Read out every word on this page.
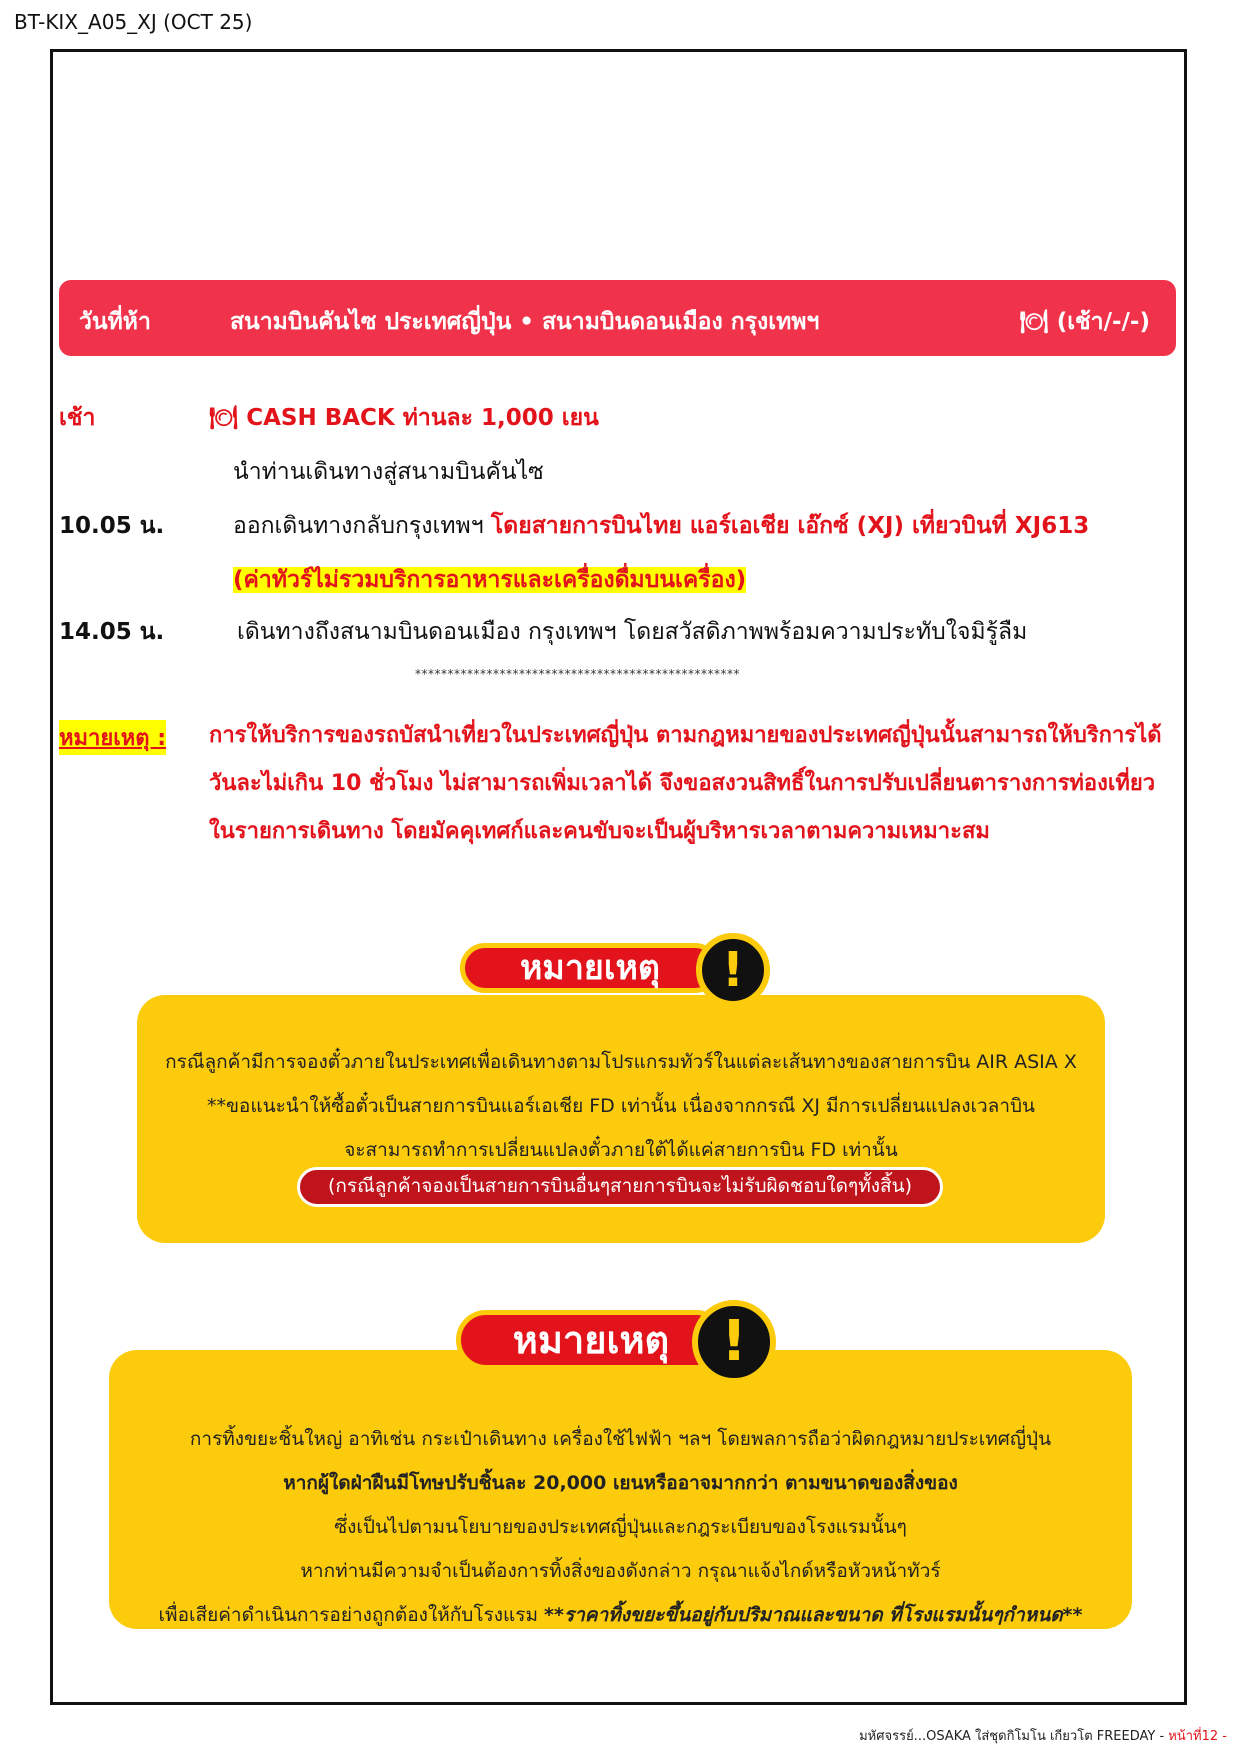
BT-KIX_A05_XJ (OCT 25)
วันที่ห้า	สนามบินคันไซ ประเทศญี่ปุ่น • สนามบินดอนเมือง กรุงเทพฯ	🍽 (เช้า/-/-)
เช้า	🍽 CASH BACK ท่านละ 1,000 เยน
นำท่านเดินทางสู่สนามบินคันไซ
10.05 น.	ออกเดินทางกลับกรุงเทพฯ โดยสายการบินไทย แอร์เอเชีย เอ๊กซ์ (XJ) เที่ยวบินที่ XJ613
(ค่าทัวร์ไม่รวมบริการอาหารและเครื่องดื่มบนเครื่อง)
14.05 น.	เดินทางถึงสนามบินดอนเมือง กรุงเทพฯ โดยสวัสดิภาพพร้อมความประทับใจมิรู้ลืม
**************************************************
หมายเหตุ : การให้บริการของรถบัสนำเที่ยวในประเทศญี่ปุ่น ตามกฎหมายของประเทศญี่ปุ่นนั้นสามารถให้บริการได้วันละไม่เกิน 10 ชั่วโมง ไม่สามารถเพิ่มเวลาได้ จึงขอสงวนสิทธิ์ในการปรับเปลี่ยนตารางการท่องเที่ยวในรายการเดินทาง โดยมัคคุเทศก์และคนขับจะเป็นผู้บริหารเวลาตามความเหมาะสม
กรณีลูกค้ามีการจองตั๋วภายในประเทศเพื่อเดินทางตามโปรแกรมทัวร์ในแต่ละเส้นทางของสายการบิน AIR ASIA X
**ขอแนะนำให้ซื้อตั๋วเป็นสายการบินแอร์เอเชีย FD เท่านั้น เนื่องจากกรณี XJ มีการเปลี่ยนแปลงเวลาบิน
จะสามารถทำการเปลี่ยนแปลงตั๋วภายใต้ได้แค่สายการบิน FD เท่านั้น
(กรณีลูกค้าจองเป็นสายการบินอื่นๆสายการบินจะไม่รับผิดชอบใดๆทั้งสิ้น)
หมายเหตุ	!
การทิ้งขยะชิ้นใหญ่ อาทิเช่น กระเป๋าเดินทาง เครื่องใช้ไฟฟ้า ฯลฯ โดยพลการถือว่าผิดกฎหมายประเทศญี่ปุ่น
หากผู้ใดฝ่าฝืนมีโทษปรับชิ้นละ 20,000 เยนหรืออาจมากกว่า ตามขนาดของสิ่งของ
ซึ่งเป็นไปตามนโยบายของประเทศญี่ปุ่นและกฎระเบียบของโรงแรมนั้นๆ
หากท่านมีความจำเป็นต้องการทิ้งสิ่งของดังกล่าว กรุณาแจ้งไกด์หรือหัวหน้าทัวร์
เพื่อเสียค่าดำเนินการอย่างถูกต้องให้กับโรงแรม **ราคาทิ้งขยะขึ้นอยู่กับปริมาณและขนาด ที่โรงแรมนั้นๆกำหนด**
หมายเหตุ !
มหัศจรรย์...OSAKA ใส่ชุดกิโมโน เกียวโต FREEDAY - หน้าที่12 -
